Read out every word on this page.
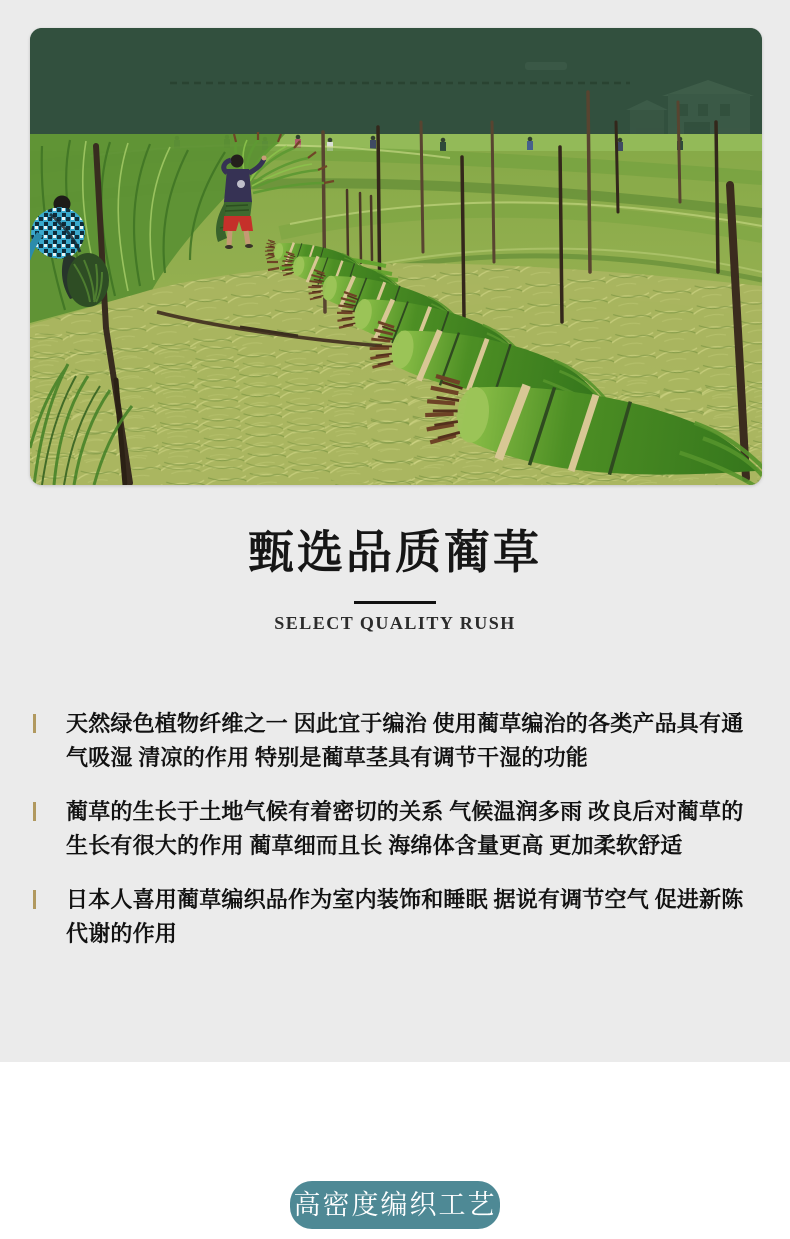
甄选品质蔺草
SELECT QUALITY RUSH
天然绿色植物纤维之一 因此宜于编治 使用蔺草编治的各类产品具有通气吸湿 清凉的作用 特别是蔺草茎具有调节干湿的功能
蔺草的生长于土地气候有着密切的关系 气候温润多雨 改良后对蔺草的生长有很大的作用 蔺草细而且长 海绵体含量更高 更加柔软舒适
日本人喜用蔺草编织品作为室内装饰和睡眠 据说有调节空气 促进新陈代谢的作用
高密度编织工艺
